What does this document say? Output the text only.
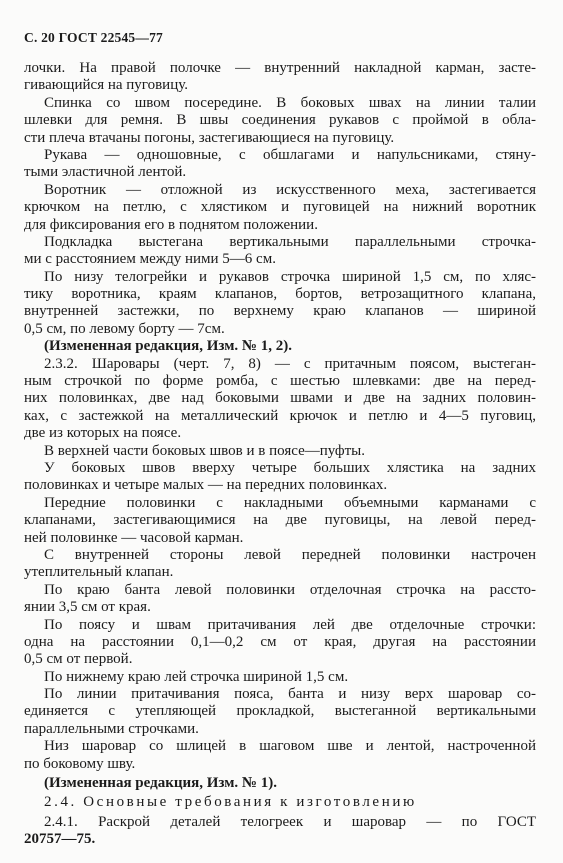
С. 20 ГОСТ 22545—77
лочки. На правой полочке — внутренний накладной карман, засте-
гивающийся на пуговицу.
Спинка со швом посередине. В боковых швах на линии талии
шлевки для ремня. В швы соединения рукавов с проймой в обла-
сти плеча втачаны погоны, застегивающиеся на пуговицу.
Рукава — одношовные, с обшлагами и напульсниками, стяну-
тыми эластичной лентой.
Воротник — отложной из искусственного меха, застегивается
крючком на петлю, с хлястиком и пуговицей на нижний воротник
для фиксирования его в поднятом положении.
Подкладка выстегана вертикальными параллельными строчка-
ми с расстоянием между ними 5—6 см.
По низу телогрейки и рукавов строчка шириной 1,5 см, по хляс-
тику воротника, краям клапанов, бортов, ветрозащитного клапана,
внутренней застежки, по верхнему краю клапанов — шириной
0,5 см, по левому борту — 7см.
(Измененная редакция, Изм. № 1, 2).
2.3.2. Шаровары (черт. 7, 8) — с притачным поясом, выстеган-
ным строчкой по форме ромба, с шестью шлевками: две на перед-
них половинках, две над боковыми швами и две на задних половин-
ках, с застежкой на металлический крючок и петлю и 4—5 пуговиц,
две из которых на поясе.
В верхней части боковых швов и в поясе—пуфты.
У боковых швов вверху четыре больших хлястика на задних
половинках и четыре малых — на передних половинках.
Передние половинки с накладными объемными карманами с
клапанами, застегивающимися на две пуговицы, на левой перед-
ней половинке — часовой карман.
С внутренней стороны левой передней половинки настрочен
утеплительный клапан.
По краю банта левой половинки отделочная строчка на рассто-
янии 3,5 см от края.
По поясу и швам притачивания лей две отделочные строчки:
одна на расстоянии 0,1—0,2 см от края, другая на расстоянии
0,5 см от первой.
По нижнему краю лей строчка шириной 1,5 см.
По линии притачивания пояса, банта и низу верх шаровар со-
единяется с утепляющей прокладкой, выстеганной вертикальными
параллельными строчками.
Низ шаровар со шлицей в шаговом шве и лентой, настроченной
по боковому шву.
(Измененная редакция, Изм. № 1).
2.4. Основные требования к изготовлению
2.4.1. Раскрой деталей телогреек и шаровар — по ГОСТ
20757—75.
